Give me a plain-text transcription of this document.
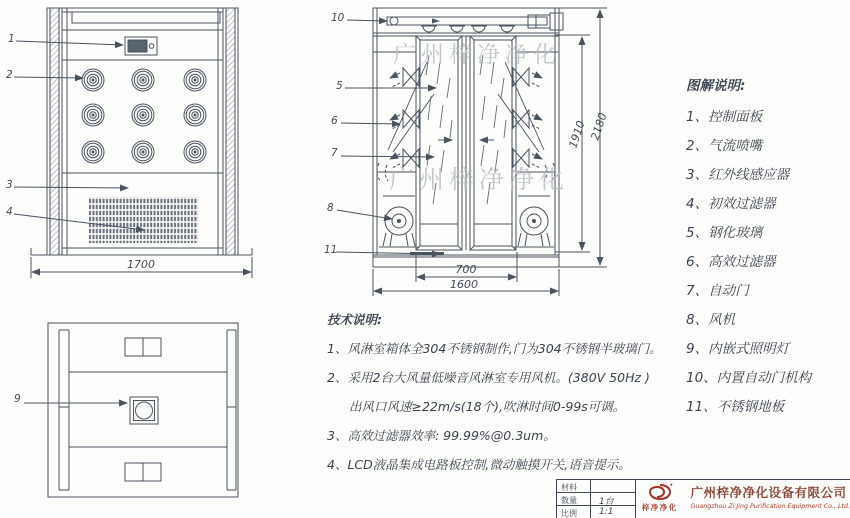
广州梓净净化
广州梓净净化
1
2
3
4
9
10
5
6
7
8
11
1700	700
1600
1910 2180
图解说明:
1、控制面板
2、气流喷嘴
3、红外线感应器
4、初效过滤器
5、钢化玻璃
6、高效过滤器
7、自动门
8、风机
9、内嵌式照明灯
10、内置自动门机构
11、不锈钢地板
技术说明:
1、风淋室箱体全304不锈钢制作,门为304不锈钢半玻璃门。
2、采用2台大风量低噪音风淋室专用风机。(380V 50Hz )
出风口风速≥22m/s(18个),吹淋时间0-99s可调。
3、高效过滤器效率: 99.99%@0.3um。
4、LCD液晶集成电路板控制,微动触摸开关,语音提示。
材料
数量	1台
比例	1:1	梓净净化
广州梓净净化设备有限公司
Guangzhou Zi Jing Purification Equipment Co., Ltd.
